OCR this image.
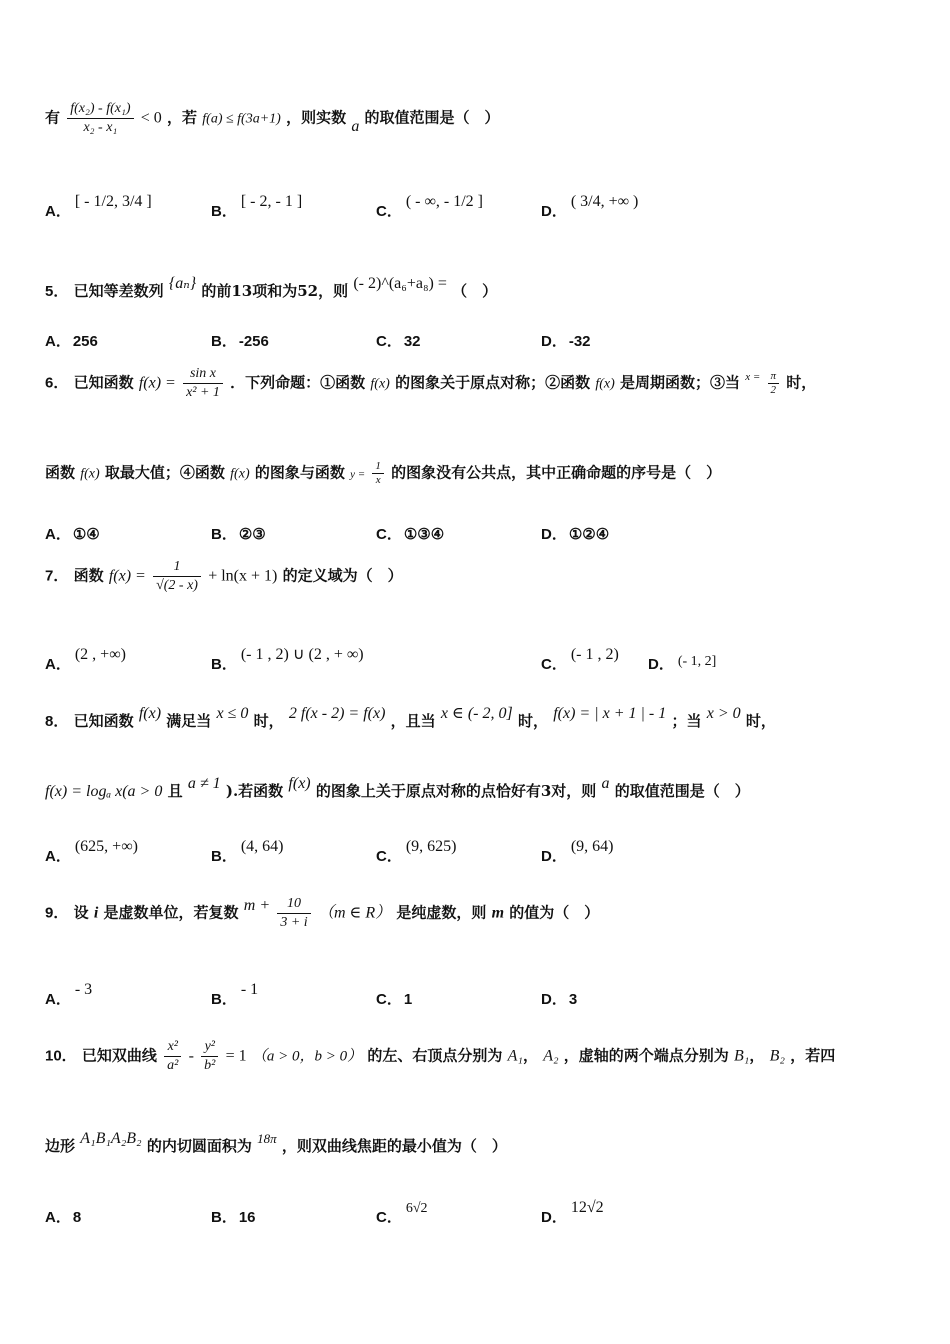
有 $\frac{\text{f(x₂) - f(x₁)}}{\text{x₂ - x₁}} < 0$ ，若 f(a) ≤ f(3a+1) ，则实数 a 的取值范围是（　）
A．[ - 1/2, 3/4 ]
B．[ - 2, - 1 ]
C．( - ∞, - 1/2 ]
D．( 3/4, +∞ )
5． 已知等差数列 {aₙ} 的前13项和为52，则 (- 2)^(a₆+a₈) = （　）
A． 256	B． -256	C． 32	D． -32
6． 已知函数 $f(x) = \frac{\text{sin x}}{\text{x² + 1}}$ ．下列命题：①函数 f(x) 的图象关于原点对称；②函数 f(x) 是周期函数；③当 $^{x =} \frac{\pi}{2}$ 时，
函数 f(x) 取最大值；④函数 f(x) 的图象与函数 $y = \frac{1}{x}$ 的图象没有公共点，其中正确命题的序号是（　）
A． ①④	B． ②③	C． ①③④	D． ①②④
7． 函数 $f(x) = \frac{1}{√(2 - x)} + \ln(x + 1)$ 的定义域为（　）
A．(2 , +∞)
B．(- 1 , 2) ∪ (2 , + ∞)
C．(- 1 , 2)
D． (- 1, 2]
8． 已知函数 f(x) 满足当 x ≤ 0 时， 2 f(x - 2) = f(x) ，且当 x ∈ (- 2, 0] 时， f(x) = | x + 1 | - 1 ；当 x > 0 时，
f(x) = logₐ x(a > 0 且 a ≠ 1 ).若函数 f(x) 的图象上关于原点对称的点恰好有3对，则 a 的取值范围是（　）
A．(625, +∞)
B．(4, 64)
C．(9, 625)
D．(9, 64)
9． 设 i 是虚数单位，若复数 $m + \frac{10}{3 + i} (m$ ∈ R） 是纯虚数，则 m 的值为（　）
A．- 3
B．- 1
C． 1	D． 3
10． 已知双曲线 $\frac{\text{x²}}{\text{a²}} - \frac{\text{y²}}{\text{b²}} = 1$ （a > 0，b > 0） 的左、右顶点分别为 A₁， A₂ ，虚轴的两个端点分别为 B₁， B₂ ，若四
边形 A₁B₁A₂B₂ 的内切圆面积为 18π ，则双曲线焦距的最小值为（　）
A． 8	B． 16	C．6√2
D．12√2
